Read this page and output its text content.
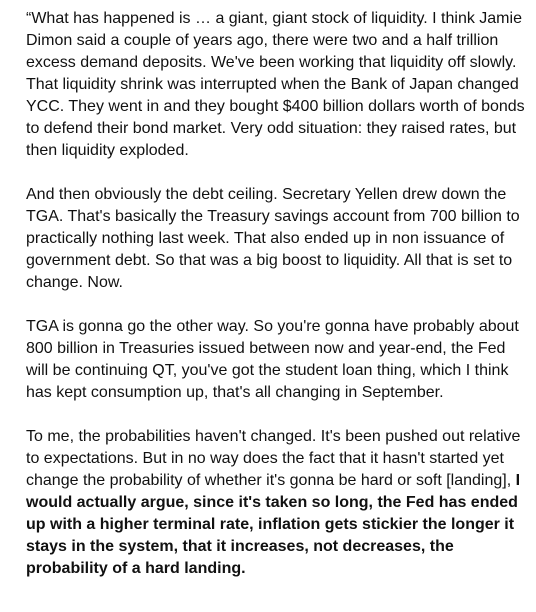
“What has happened is … a giant, giant stock of liquidity. I think Jamie Dimon said a couple of years ago, there were two and a half trillion excess demand deposits. We've been working that liquidity off slowly. That liquidity shrink was interrupted when the Bank of Japan changed YCC. They went in and they bought $400 billion dollars worth of bonds to defend their bond market. Very odd situation: they raised rates, but then liquidity exploded.

And then obviously the debt ceiling. Secretary Yellen drew down the TGA. That's basically the Treasury savings account from 700 billion to practically nothing last week. That also ended up in non issuance of government debt. So that was a big boost to liquidity. All that is set to change. Now.

TGA is gonna go the other way. So you're gonna have probably about 800 billion in Treasuries issued between now and year-end, the Fed will be continuing QT, you've got the student loan thing, which I think has kept consumption up, that's all changing in September.

To me, the probabilities haven't changed. It's been pushed out relative to expectations. But in no way does the fact that it hasn't started yet change the probability of whether it's gonna be hard or soft [landing], I would actually argue, since it's taken so long, the Fed has ended up with a higher terminal rate, inflation gets stickier the longer it stays in the system, that it increases, not decreases, the probability of a hard landing.
